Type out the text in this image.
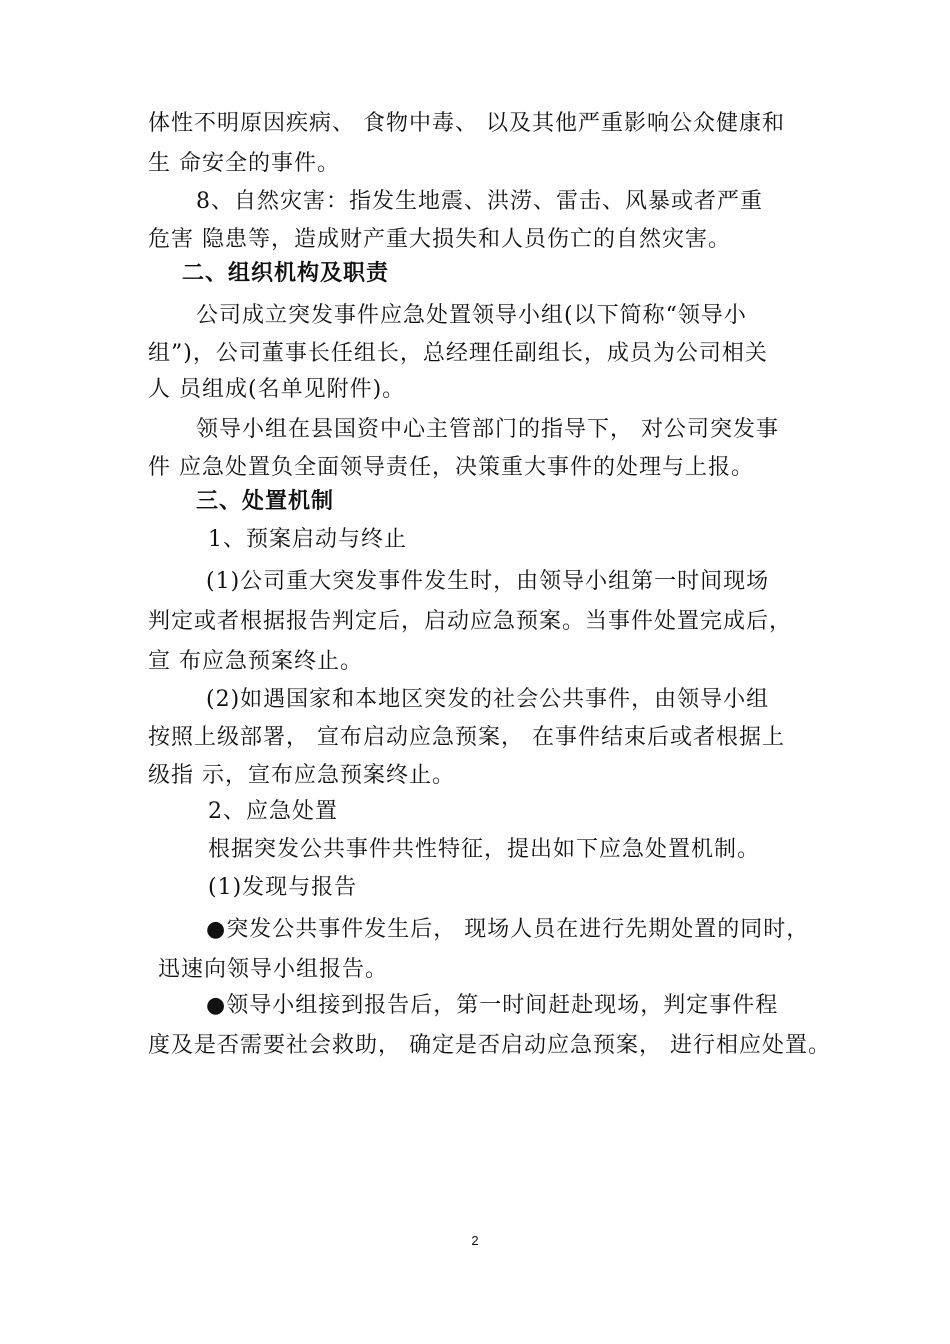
体性不明原因疾病、 食物中毒、 以及其他严重影响公众健康和
生 命安全的事件。
8、自然灾害：指发生地震、洪涝、雷击、风暴或者严重
危害 隐患等，造成财产重大损失和人员伤亡的自然灾害。
二、组织机构及职责
公司成立突发事件应急处置领导小组(以下简称“领导小
组”)，公司董事长任组长，总经理任副组长，成员为公司相关
人 员组成(名单见附件)。
领导小组在县国资中心主管部门的指导下， 对公司突发事
件 应急处置负全面领导责任，决策重大事件的处理与上报。
三、处置机制
1、预案启动与终止
(1)公司重大突发事件发生时，由领导小组第一时间现场
判定或者根据报告判定后，启动应急预案。当事件处置完成后，
宣 布应急预案终止。
(2)如遇国家和本地区突发的社会公共事件，由领导小组
按照上级部署， 宣布启动应急预案， 在事件结束后或者根据上
级指 示，宣布应急预案终止。
2、应急处置
根据突发公共事件共性特征，提出如下应急处置机制。
(1)发现与报告
●突发公共事件发生后， 现场人员在进行先期处置的同时，
迅速向领导小组报告。
●领导小组接到报告后，第一时间赶赴现场，判定事件程
度及是否需要社会救助， 确定是否启动应急预案， 进行相应处置。
2
